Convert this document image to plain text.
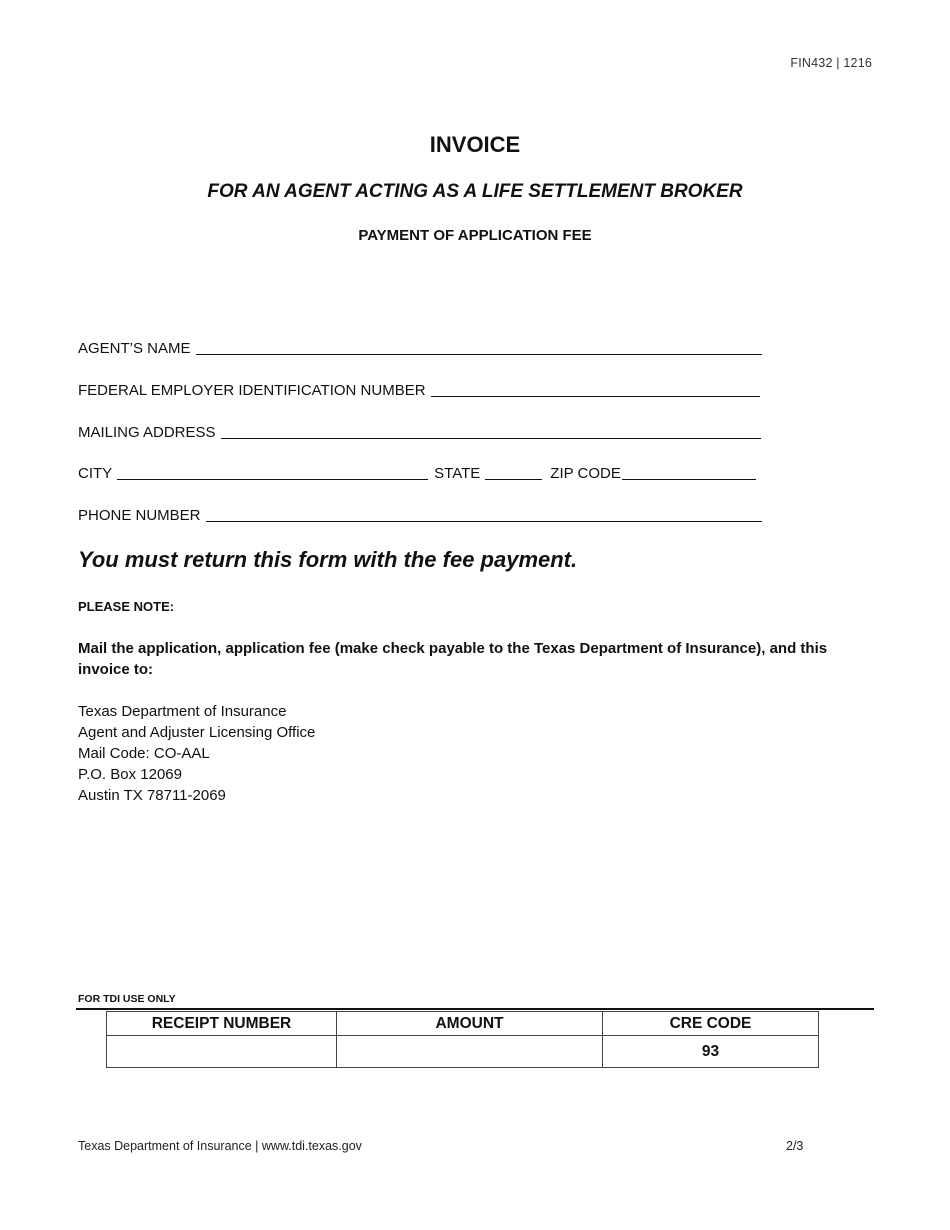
FIN432 | 1216
INVOICE
FOR AN AGENT ACTING AS A LIFE SETTLEMENT BROKER
PAYMENT OF APPLICATION FEE
AGENT’S NAME
FEDERAL EMPLOYER IDENTIFICATION NUMBER
MAILING ADDRESS
CITY	STATE	ZIP CODE
PHONE NUMBER
You must return this form with the fee payment.
PLEASE NOTE:
Mail the application, application fee (make check payable to the Texas Department of Insurance), and this invoice to:
Texas Department of Insurance
Agent and Adjuster Licensing Office
Mail Code: CO-AAL
P.O. Box 12069
Austin TX 78711-2069
FOR TDI USE ONLY
RECEIPT NUMBER	AMOUNT	CRE CODE
		93
Texas Department of Insurance | www.tdi.texas.gov	2/3
